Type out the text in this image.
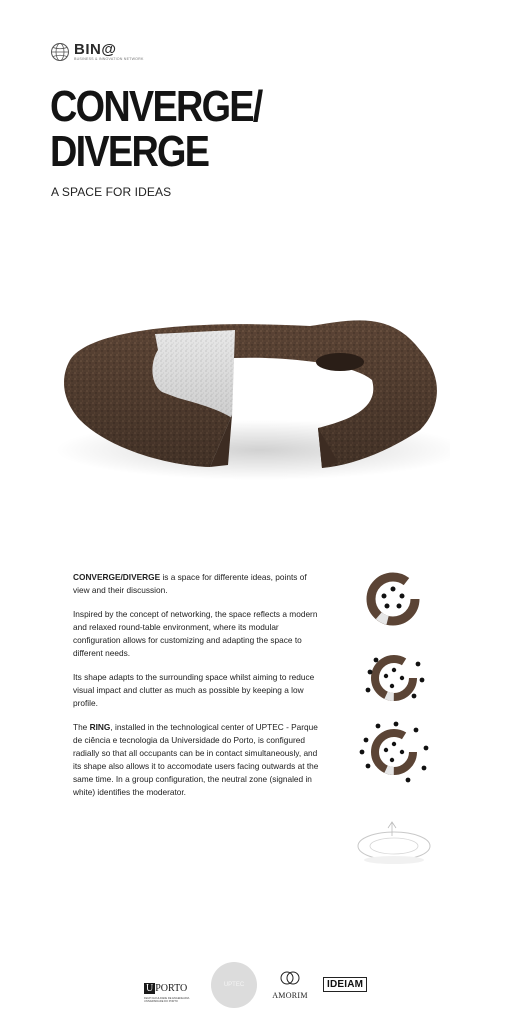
BIN@
BUSINESS & INNOVATION NETWORK
CONVERGE/
DIVERGE
A SPACE FOR IDEAS

CONVERGE/DIVERGE is a space for differente ideas, points of view and their discussion.

Inspired by the concept of networking, the space reflects a modern and relaxed round-table environment, where its modular configuration allows for customizing and adapting the space to different needs.

Its shape adapts to the surrounding space whilst aiming to reduce visual impact and clutter as much as possible by keeping a low profile.

The RING, installed in the technological center of UPTEC - Parque de ciência e tecnologia da Universidade do Porto, is configured radially so that all occupants can be in contact simultaneously, and its shape also allows it to accomodate users facing outwards at the same time. In a group configuration, the neutral zone (signaled in white) identifies the moderator.

U PORTO
FEUP FACULDADE DE ENGENHARIA UNIVERSIDADE DO PORTO
UPTEC
AMORIM
IDEIAM
